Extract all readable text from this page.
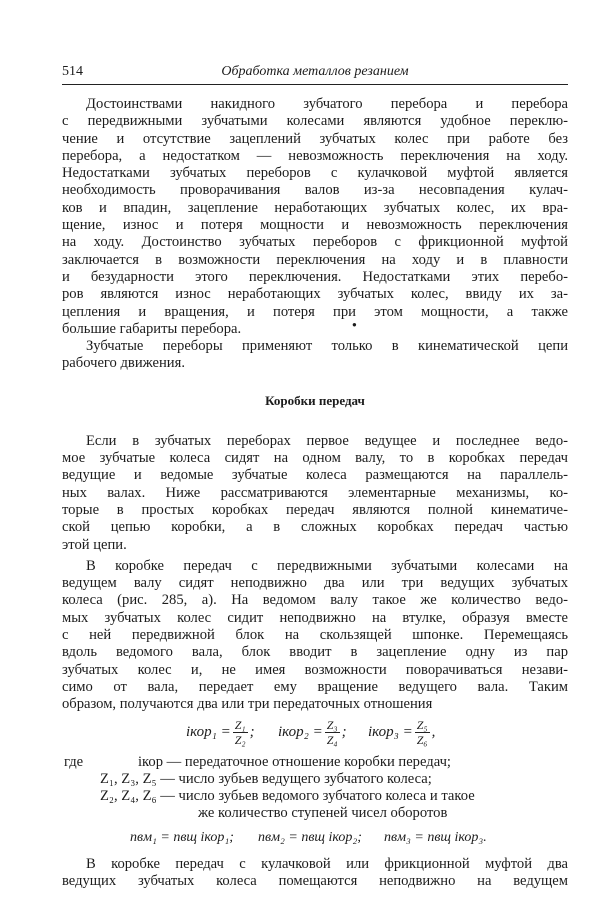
514	Обработка металлов резанием
Достоинствами накидного зубчатого перебора и перебора
с передвижными зубчатыми колесами являются удобное переклю-
чение и отсутствие зацеплений зубчатых колес при работе без
перебора, а недостатком — невозможность переключения на ходу.
Недостатками зубчатых переборов с кулачковой муфтой является
необходимость проворачивания валов из-за несовпадения кулач-
ков и впадин, зацепление неработающих зубчатых колес, их вра-
щение, износ и потеря мощности и невозможность переключения
на ходу. Достоинство зубчатых переборов с фрикционной муфтой
заключается в возможности переключения на ходу и в плавности
и безударности этого переключения. Недостатками этих перебо-
ров являются износ неработающих зубчатых колес, ввиду их за-
цепления и вращения, и потеря при этом мощности, а также
большие габариты перебора.
Зубчатые переборы применяют только в кинематической цепи
рабочего движения.
Коробки передач
Если в зубчатых переборах первое ведущее и последнее ведо-
мое зубчатые колеса сидят на одном валу, то в коробках передач
ведущие и ведомые зубчатые колеса размещаются на параллель-
ных валах. Ниже рассматриваются элементарные механизмы, ко-
торые в простых коробках передач являются полной кинематиче-
ской цепью коробки, а в сложных коробках передач частью
этой цепи.
В коробке передач с передвижными зубчатыми колесами на
ведущем валу сидят неподвижно два или три ведущих зубчатых
колеса (рис. 285, а). На ведомом валу такое же количество ведо-
мых зубчатых колес сидит неподвижно на втулке, образуя вместе
с ней передвижной блок на скользящей шпонке. Перемещаясь
вдоль ведомого вала, блок вводит в зацепление одну из пар
зубчатых колес и, не имея возможности поворачиваться незави-
симо от вала, передает ему вращение ведущего вала. Таким
образом, получаются два или три передаточных отношения
iкор₁ = $\frac{\text{Z₁}}{\text{Z₂}}$ ; iкор₂ = $\frac{\text{Z₃}}{\text{Z₄}}$ ; iкор₃ = $\frac{\text{Z₅}}{\text{Z₆}}$ ,
где	iкор — передаточное отношение коробки передач;
Z₁, Z₃, Z₅ — число зубьев ведущего зубчатого колеса;
Z₂, Z₄, Z₆ — число зубьев ведомого зубчатого колеса и такое
же количество ступеней чисел оборотов
nвм₁ = nвщ iкор₁; nвм₂ = nвщ iкор₂; nвм₃ = nвщ iкор₃.
В коробке передач с кулачковой или фрикционной муфтой два
ведущих зубчатых колеса помещаются неподвижно на ведущем
●
